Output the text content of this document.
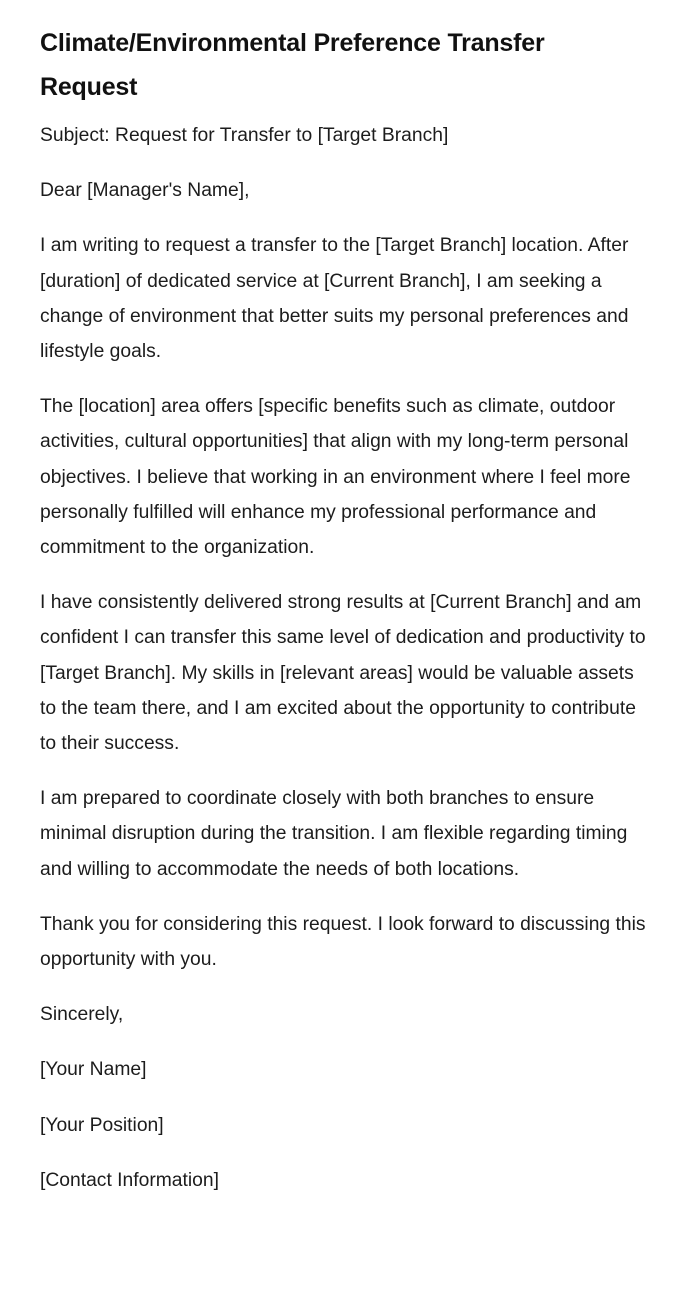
Climate/Environmental Preference Transfer Request

Subject: Request for Transfer to [Target Branch]

Dear [Manager's Name],

I am writing to request a transfer to the [Target Branch] location. After [duration] of dedicated service at [Current Branch], I am seeking a change of environment that better suits my personal preferences and lifestyle goals.

The [location] area offers [specific benefits such as climate, outdoor activities, cultural opportunities] that align with my long-term personal objectives. I believe that working in an environment where I feel more personally fulfilled will enhance my professional performance and commitment to the organization.

I have consistently delivered strong results at [Current Branch] and am confident I can transfer this same level of dedication and productivity to [Target Branch]. My skills in [relevant areas] would be valuable assets to the team there, and I am excited about the opportunity to contribute to their success.

I am prepared to coordinate closely with both branches to ensure minimal disruption during the transition. I am flexible regarding timing and willing to accommodate the needs of both locations.

Thank you for considering this request. I look forward to discussing this opportunity with you.

Sincerely,

[Your Name]

[Your Position]

[Contact Information]
